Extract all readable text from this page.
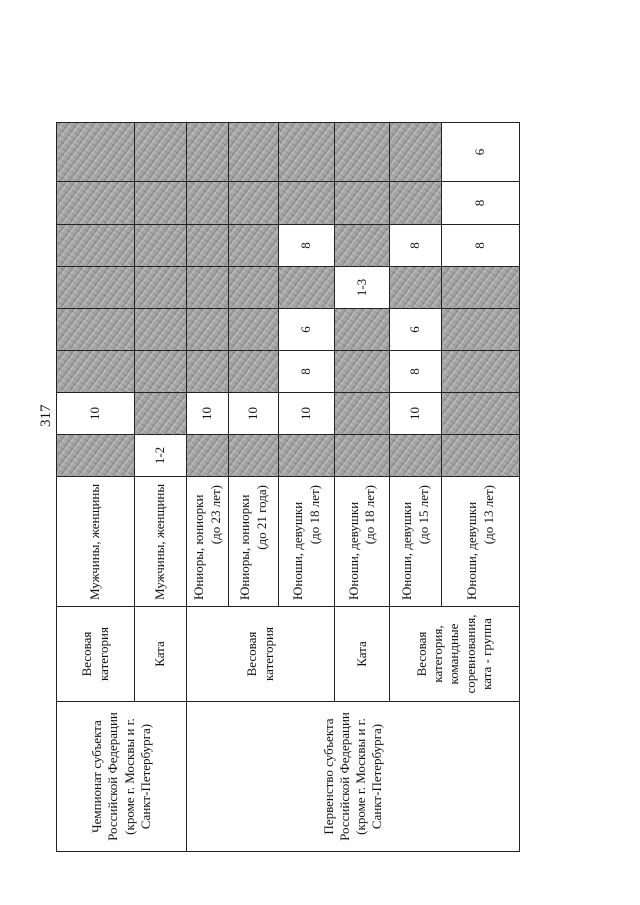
317
Чемпионат субъекта Российской Федерации (кроме г. Москвы и г. Санкт-Петербурга)	Весовая категория	Мужчины, женщины		10						
	Ката	Мужчины, женщины	1-2							
Первенство субъекта Российской Федерации (кроме г. Москвы и г. Санкт-Петербурга)	Весовая категория	Юниоры, юниорки (до 23 лет)		10						
		Юниоры, юниорки (до 21 года)		10						
		Юноши, девушки (до 18 лет)		10	8	6		8		
	Ката	Юноши, девушки (до 18 лет)					1-3			
	Весовая категория, командные соревнования, ката - группа	Юноши, девушки (до 15 лет)		10	8	6		8		
		Юноши, девушки (до 13 лет)						8	8	6
